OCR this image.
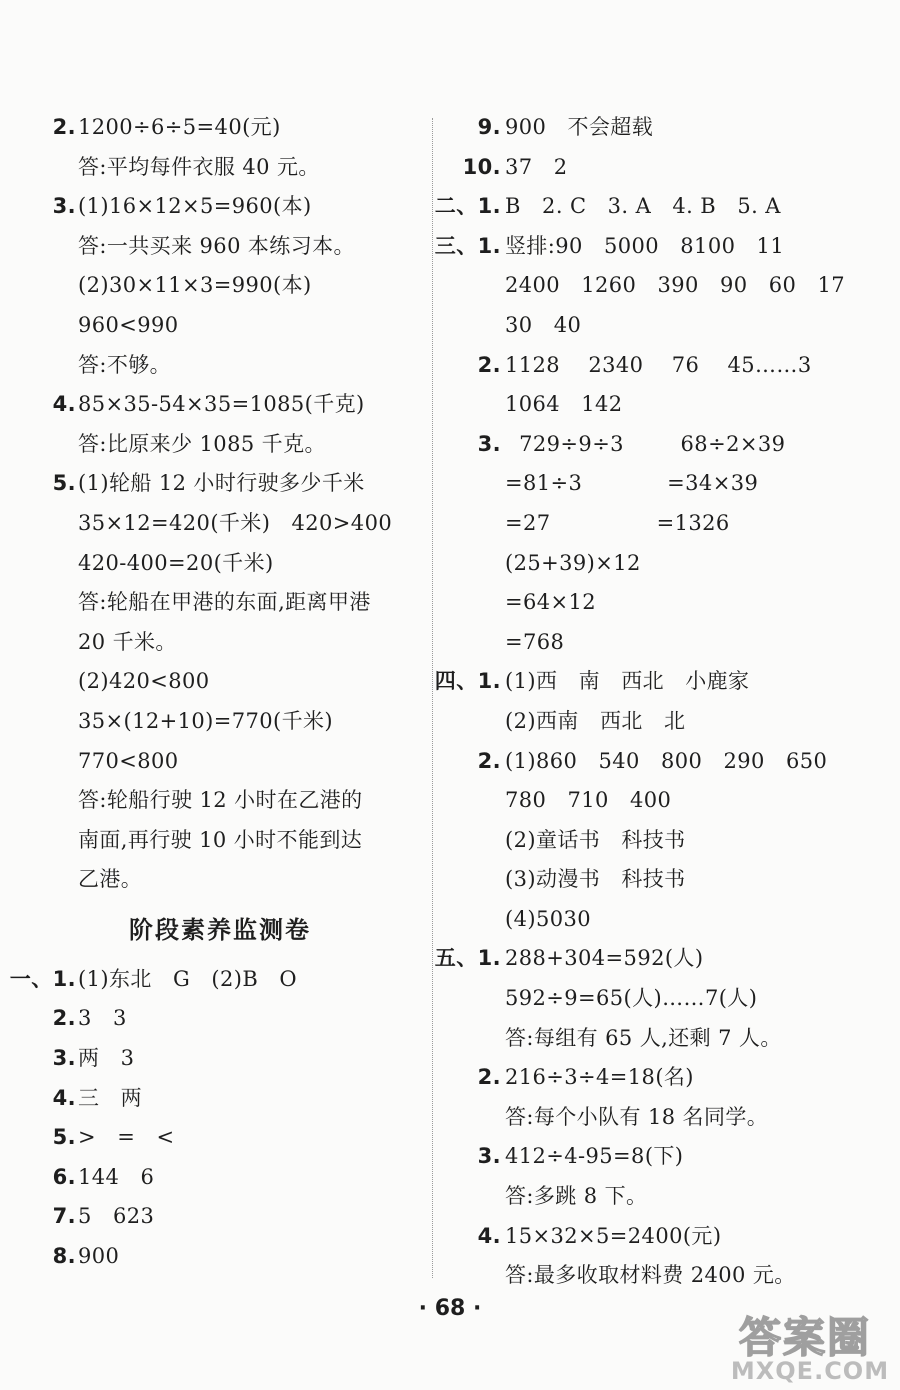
2. 1200÷6÷5=40(元)
答:平均每件衣服 40 元。
3. (1)16×12×5=960(本)
答:一共买来 960 本练习本。
(2)30×11×3=990(本)
960<990
答:不够。
4. 85×35-54×35=1085(千克)
答:比原来少 1085 千克。
5. (1)轮船 12 小时行驶多少千米
35×12=420(千米)   420>400
420-400=20(千米)
答:轮船在甲港的东面,距离甲港
20 千米。
(2)420<800
35×(12+10)=770(千米)
770<800
答:轮船行驶 12 小时在乙港的
南面,再行驶 10 小时不能到达
乙港。
阶段素养监测卷
一、1. (1)东北   G   (2)B   O
2. 3   3
3. 两   3
4. 三   两
5. >   =   <
6. 144   6
7. 5   623
8. 900
9. 900   不会超载
10. 37   2
二、1. B   2. C   3. A   4. B   5. A
三、1. 竖排:90   5000   8100   11
2400   1260   390   90   60   17
30   40
2. 1128    2340    76    45……3
1064   142
3. 729÷9÷3        68÷2×39
=81÷3            =34×39
=27               =1326
(25+39)×12
=64×12
=768
四、1. (1)西   南   西北   小鹿家
(2)西南   西北   北
2. (1)860   540   800   290   650
780   710   400
(2)童话书   科技书
(3)动漫书   科技书
(4)5030
五、1. 288+304=592(人)
592÷9=65(人)……7(人)
答:每组有 65 人,还剩 7 人。
2. 216÷3÷4=18(名)
答:每个小队有 18 名同学。
3. 412÷4-95=8(下)
答:多跳 8 下。
4. 15×32×5=2400(元)
答:最多收取材料费 2400 元。
· 68 ·
答案圈
MXQE.COM
